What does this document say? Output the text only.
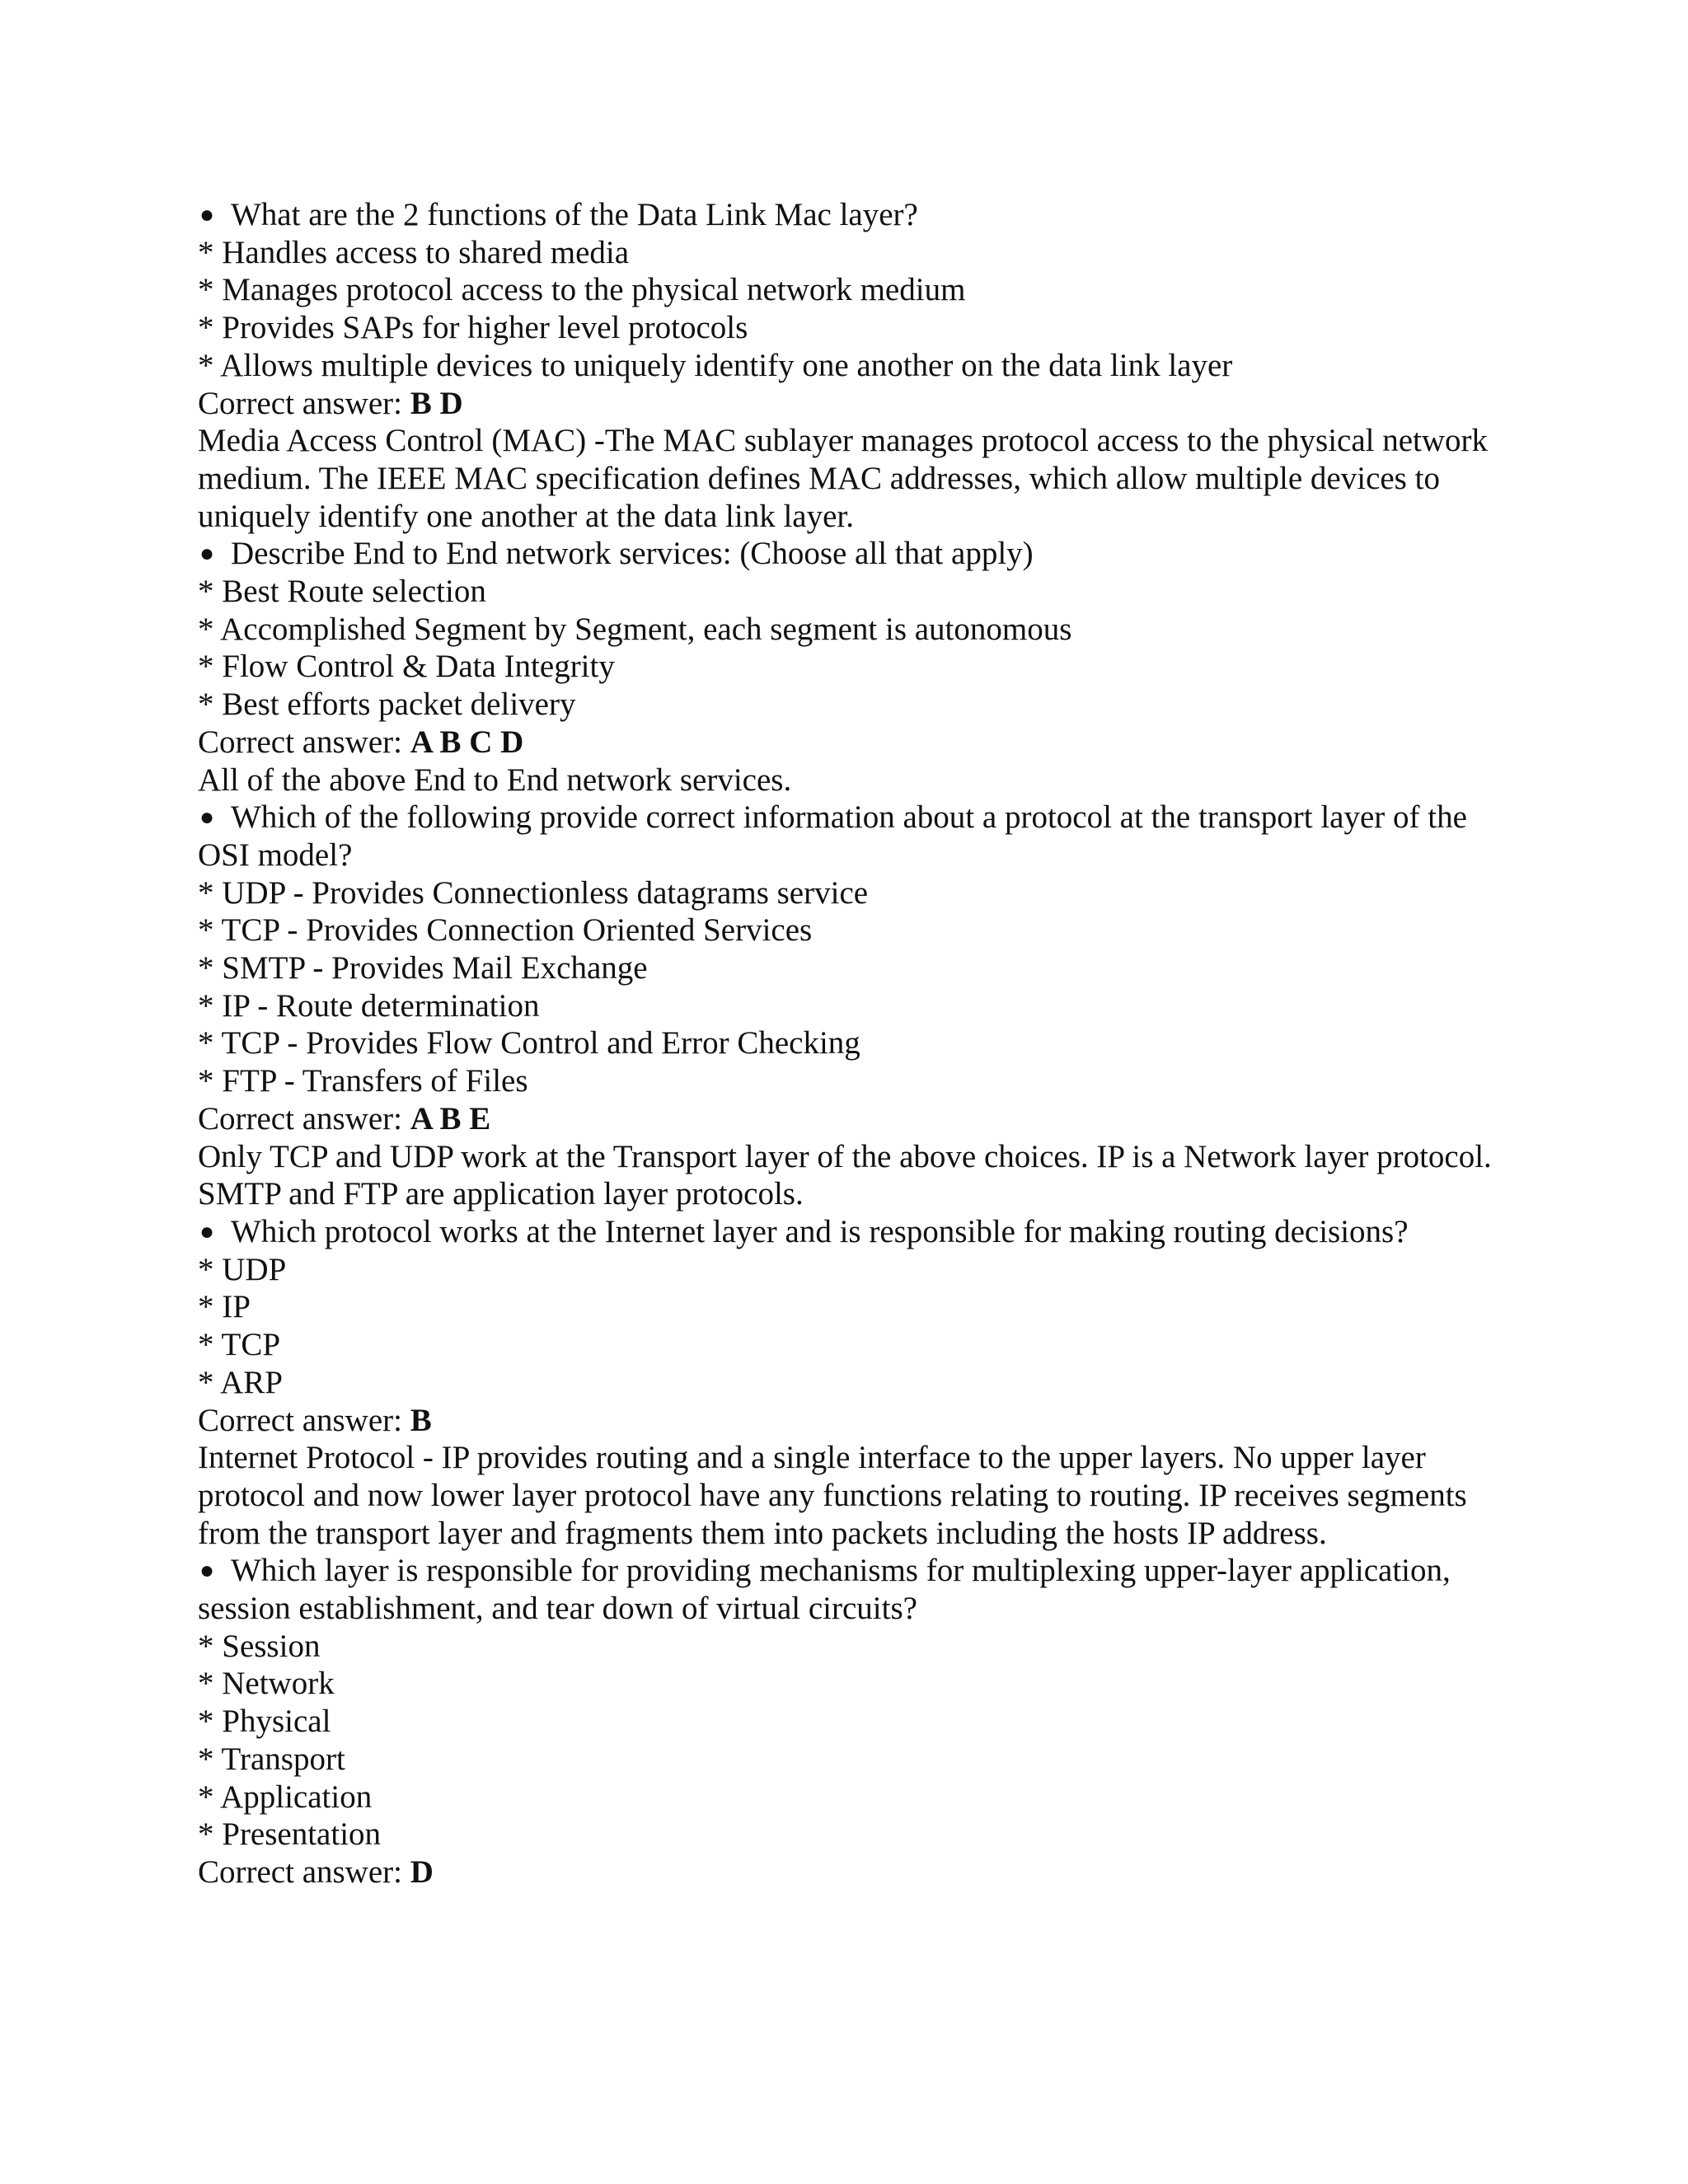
● What are the 2 functions of the Data Link Mac layer?
* Handles access to shared media
* Manages protocol access to the physical network medium
* Provides SAPs for higher level protocols
* Allows multiple devices to uniquely identify one another on the data link layer
Correct answer: B D
Media Access Control (MAC) -The MAC sublayer manages protocol access to the physical network medium. The IEEE MAC specification defines MAC addresses, which allow multiple devices to uniquely identify one another at the data link layer.
● Describe End to End network services: (Choose all that apply)
* Best Route selection
* Accomplished Segment by Segment, each segment is autonomous
* Flow Control & Data Integrity
* Best efforts packet delivery
Correct answer: A B C D
All of the above End to End network services.
● Which of the following provide correct information about a protocol at the transport layer of the OSI model?
* UDP - Provides Connectionless datagrams service
* TCP - Provides Connection Oriented Services
* SMTP - Provides Mail Exchange
* IP - Route determination
* TCP - Provides Flow Control and Error Checking
* FTP - Transfers of Files
Correct answer: A B E
Only TCP and UDP work at the Transport layer of the above choices. IP is a Network layer protocol. SMTP and FTP are application layer protocols.
● Which protocol works at the Internet layer and is responsible for making routing decisions?
* UDP
* IP
* TCP
* ARP
Correct answer: B
Internet Protocol - IP provides routing and a single interface to the upper layers. No upper layer protocol and now lower layer protocol have any functions relating to routing. IP receives segments from the transport layer and fragments them into packets including the hosts IP address.
● Which layer is responsible for providing mechanisms for multiplexing upper-layer application, session establishment, and tear down of virtual circuits?
* Session
* Network
* Physical
* Transport
* Application
* Presentation
Correct answer: D
